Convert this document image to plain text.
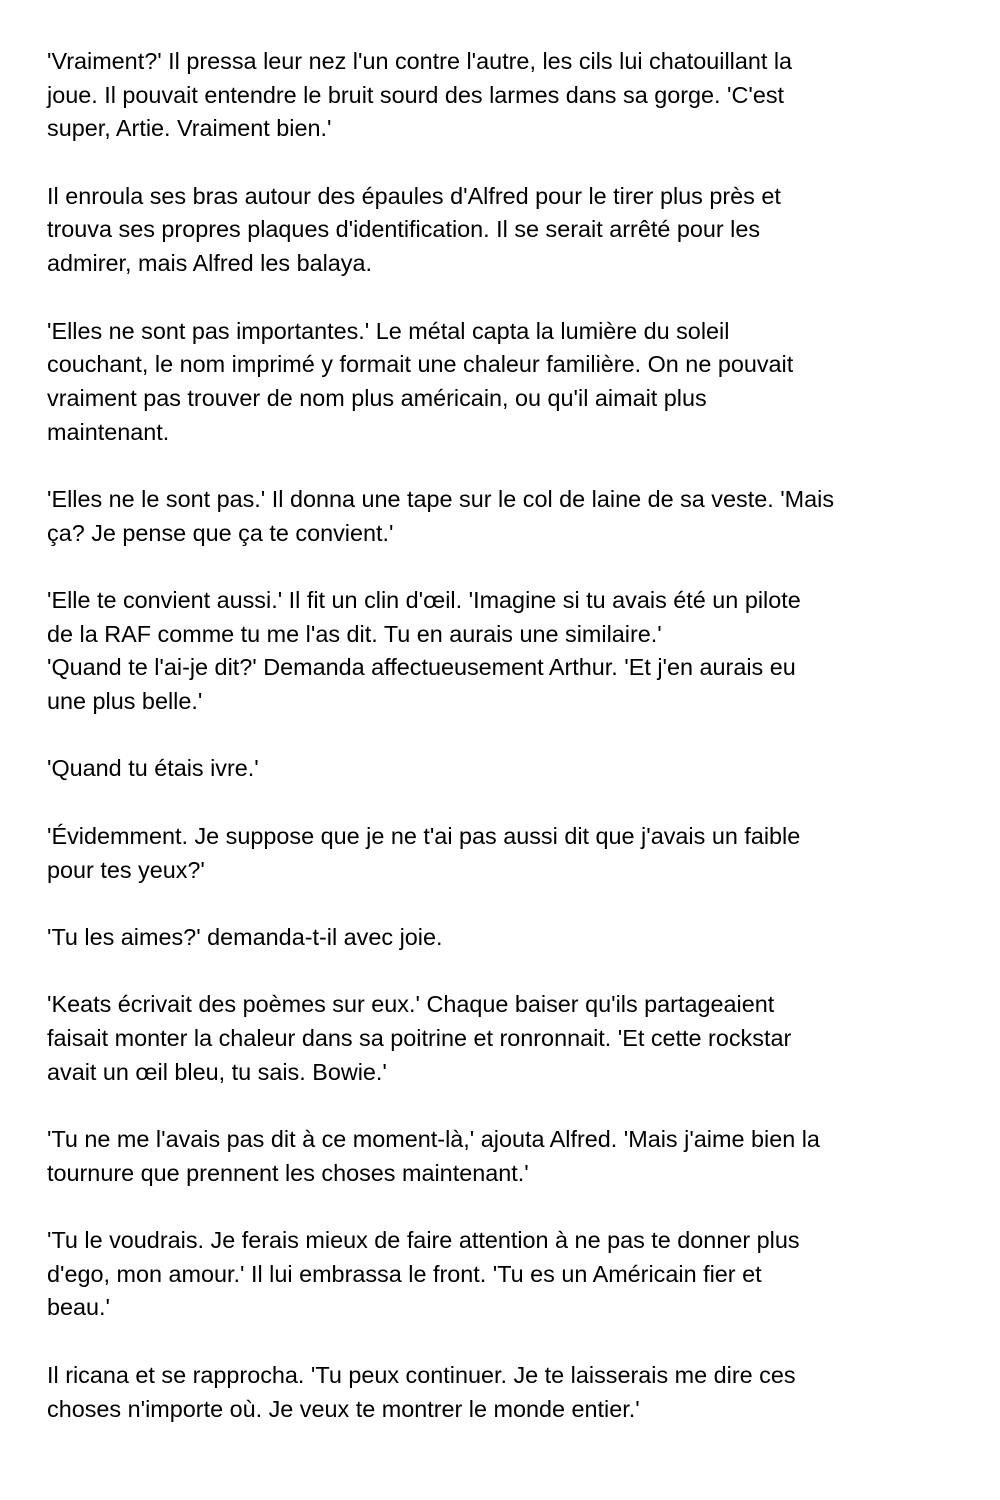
'Vraiment?' Il pressa leur nez l'un contre l'autre, les cils lui chatouillant la
joue. Il pouvait entendre le bruit sourd des larmes dans sa gorge. 'C'est
super, Artie. Vraiment bien.'

Il enroula ses bras autour des épaules d'Alfred pour le tirer plus près et
trouva ses propres plaques d'identification. Il se serait arrêté pour les
admirer, mais Alfred les balaya.

'Elles ne sont pas importantes.' Le métal capta la lumière du soleil
couchant, le nom imprimé y formait une chaleur familière. On ne pouvait
vraiment pas trouver de nom plus américain, ou qu'il aimait plus
maintenant.

'Elles ne le sont pas.' Il donna une tape sur le col de laine de sa veste. 'Mais
ça? Je pense que ça te convient.'

'Elle te convient aussi.' Il fit un clin d'œil. 'Imagine si tu avais été un pilote
de la RAF comme tu me l'as dit. Tu en aurais une similaire.'

'Quand te l'ai-je dit?' Demanda affectueusement Arthur. 'Et j'en aurais eu
une plus belle.'

'Quand tu étais ivre.'

'Évidemment. Je suppose que je ne t'ai pas aussi dit que j'avais un faible
pour tes yeux?'

'Tu les aimes?' demanda-t-il avec joie.

'Keats écrivait des poèmes sur eux.' Chaque baiser qu'ils partageaient
faisait monter la chaleur dans sa poitrine et ronronnait. 'Et cette rockstar
avait un œil bleu, tu sais. Bowie.'

'Tu ne me l'avais pas dit à ce moment-là,' ajouta Alfred. 'Mais j'aime bien la
tournure que prennent les choses maintenant.'

'Tu le voudrais. Je ferais mieux de faire attention à ne pas te donner plus
d'ego, mon amour.' Il lui embrassa le front. 'Tu es un Américain fier et
beau.'

Il ricana et se rapprocha. 'Tu peux continuer. Je te laisserais me dire ces
choses n'importe où. Je veux te montrer le monde entier.'
